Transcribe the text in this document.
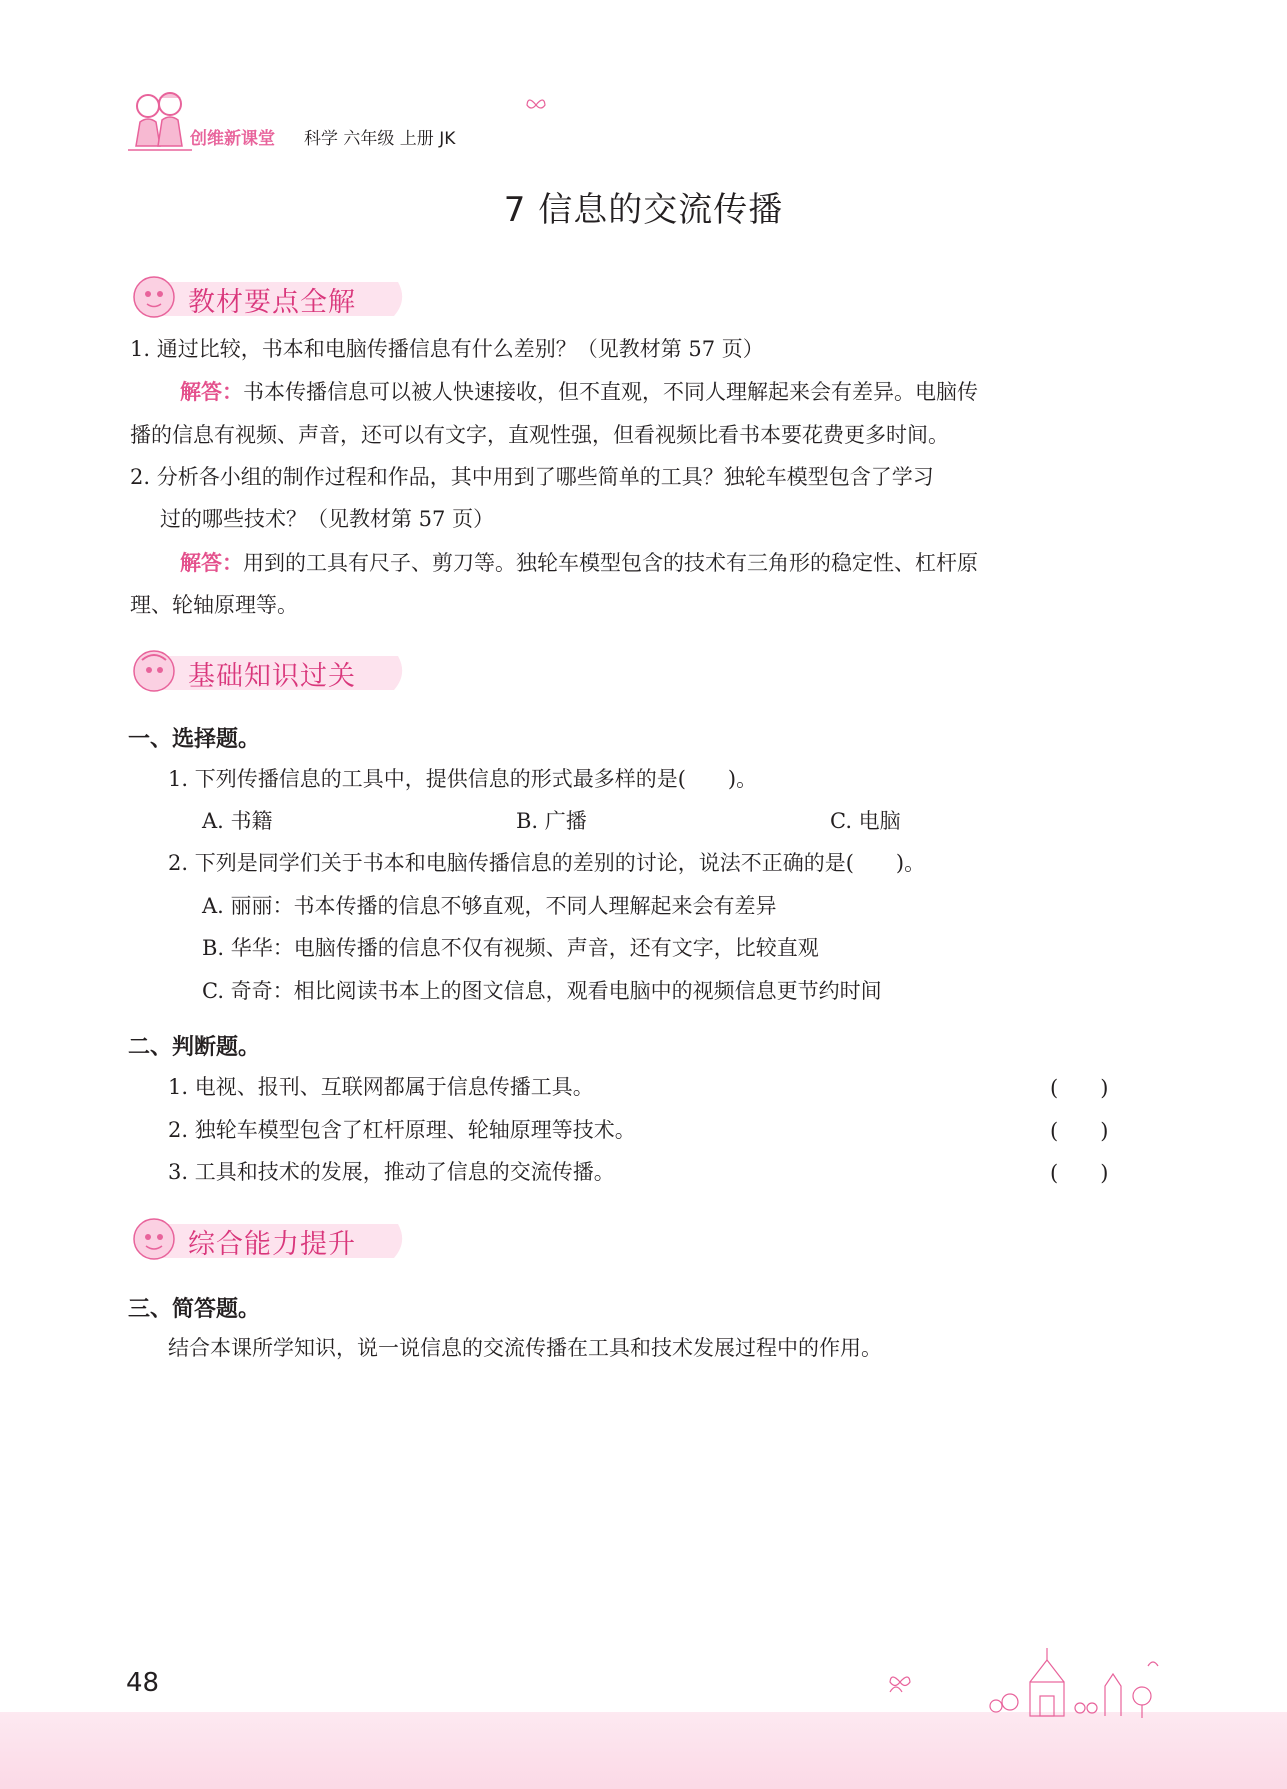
创维新课堂 科学 六年级 上册 JK
7 信息的交流传播
教材要点全解
1. 通过比较，书本和电脑传播信息有什么差别？（见教材第 57 页）
解答：书本传播信息可以被人快速接收，但不直观，不同人理解起来会有差异。电脑传
播的信息有视频、声音，还可以有文字，直观性强，但看视频比看书本要花费更多时间。
2. 分析各小组的制作过程和作品，其中用到了哪些简单的工具？独轮车模型包含了学习
过的哪些技术？（见教材第 57 页）
解答：用到的工具有尺子、剪刀等。独轮车模型包含的技术有三角形的稳定性、杠杆原
理、轮轴原理等。
基础知识过关
一、选择题。
1. 下列传播信息的工具中，提供信息的形式最多样的是(　　)。
A. 书籍	B. 广播	C. 电脑
2. 下列是同学们关于书本和电脑传播信息的差别的讨论，说法不正确的是(　　)。
A. 丽丽：书本传播的信息不够直观，不同人理解起来会有差异
B. 华华：电脑传播的信息不仅有视频、声音，还有文字，比较直观
C. 奇奇：相比阅读书本上的图文信息，观看电脑中的视频信息更节约时间
二、判断题。
1. 电视、报刊、互联网都属于信息传播工具。	(　　)
2. 独轮车模型包含了杠杆原理、轮轴原理等技术。	(　　)
3. 工具和技术的发展，推动了信息的交流传播。	(　　)
综合能力提升
三、简答题。
结合本课所学知识，说一说信息的交流传播在工具和技术发展过程中的作用。
48
